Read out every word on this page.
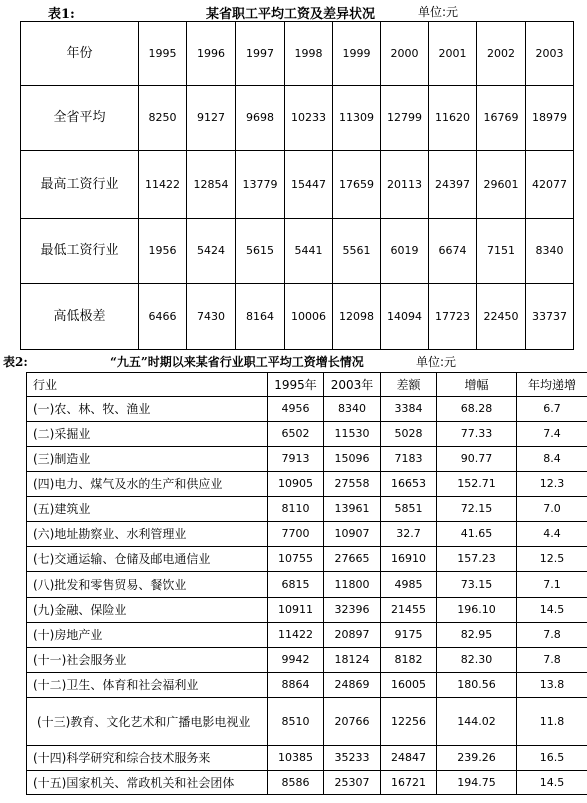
表1:	某省职工平均工资及差异状况	单位:元
年份	1995	1996	1997	1998	1999	2000	2001	2002	2003
全省平均	8250	9127	9698	10233	11309	12799	11620	16769	18979
最高工资行业	11422	12854	13779	15447	17659	20113	24397	29601	42077
最低工资行业	1956	5424	5615	5441	5561	6019	6674	7151	8340
高低极差	6466	7430	8164	10006	12098	14094	17723	22450	33737
表2:	“九五”时期以来某省行业职工平均工资增长情况	单位:元
行业	1995年	2003年	差额	增幅	年均递增
(一)农、林、牧、渔业	4956	8340	3384	68.28	6.7
(二)采掘业	6502	11530	5028	77.33	7.4
(三)制造业	7913	15096	7183	90.77	8.4
(四)电力、煤气及水的生产和供应业	10905	27558	16653	152.71	12.3
(五)建筑业	8110	13961	5851	72.15	7.0
(六)地址勘察业、水利管理业	7700	10907	32.7	41.65	4.4
(七)交通运输、仓储及邮电通信业	10755	27665	16910	157.23	12.5
(八)批发和零售贸易、餐饮业	6815	11800	4985	73.15	7.1
(九)金融、保险业	10911	32396	21455	196.10	14.5
(十)房地产业	11422	20897	9175	82.95	7.8
(十一)社会服务业	9942	18124	8182	82.30	7.8
(十二)卫生、体育和社会福利业	8864	24869	16005	180.56	13.8
(十三)教育、文化艺术和广播电影电视业	8510	20766	12256	144.02	11.8
(十四)科学研究和综合技术服务来	10385	35233	24847	239.26	16.5
(十五)国家机关、常政机关和社会团体	8586	25307	16721	194.75	14.5
